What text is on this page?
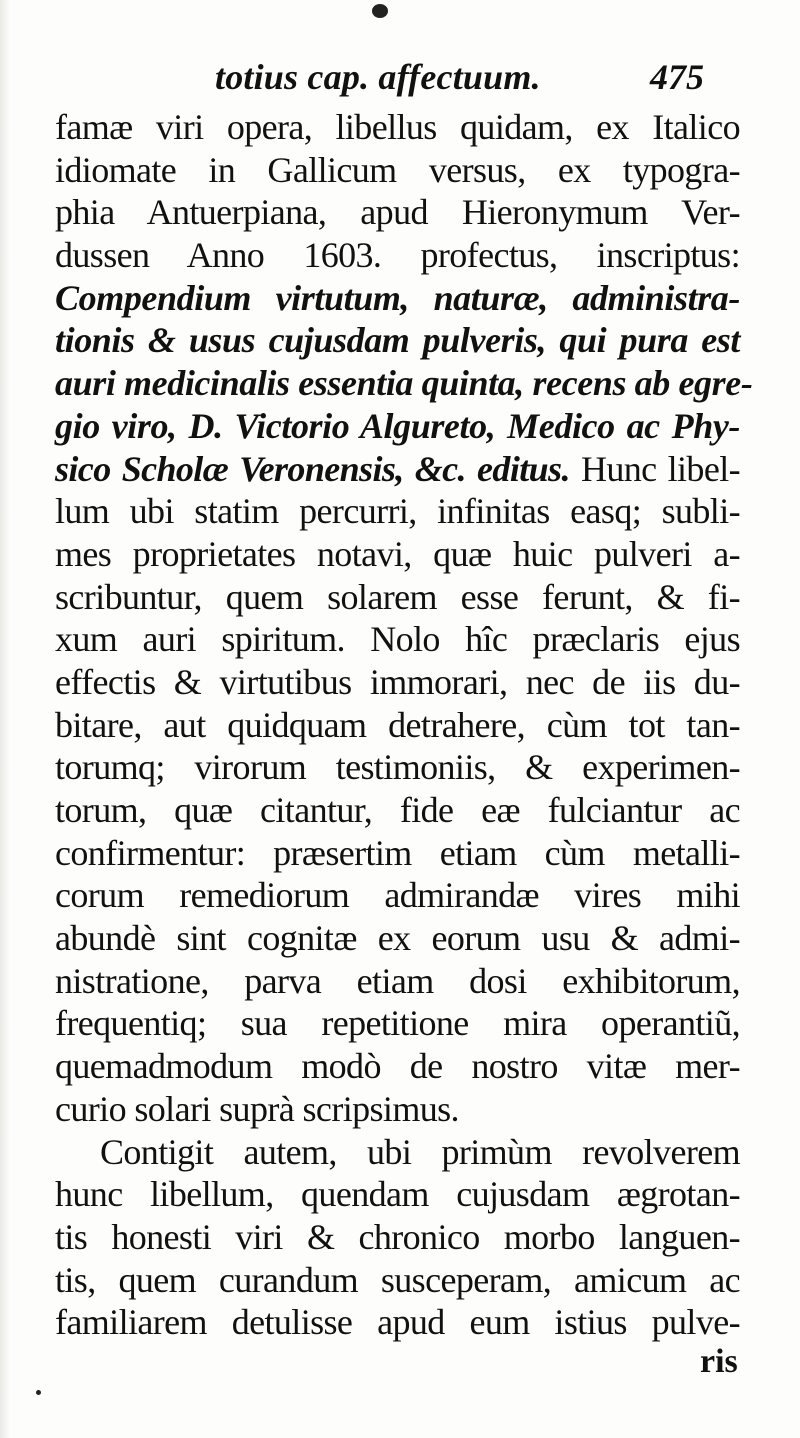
totius cap. affectuum.	475
famæ viri opera, libellus quidam, ex Italico
idiomate in Gallicum versus, ex typogra-
phia Antuerpiana, apud Hieronymum Ver-
dussen Anno 1603. profectus, inscriptus:
Compendium virtutum, naturæ, administra-
tionis & usus cujusdam pulveris, qui pura est
auri medicinalis essentia quinta, recens ab egre-
gio viro, D. Victorio Algureto, Medico ac Phy-
sico Scholæ Veronensis, &c. editus. Hunc libel-
lum ubi statim percurri, infinitas easq; subli-
mes proprietates notavi, quæ huic pulveri a-
scribuntur, quem solarem esse ferunt, & fi-
xum auri spiritum. Nolo hîc præclaris ejus
effectis & virtutibus immorari, nec de iis du-
bitare, aut quidquam detrahere, cùm tot tan-
torumq; virorum testimoniis, & experimen-
torum, quæ citantur, fide eæ fulciantur ac
confirmentur: præsertim etiam cùm metalli-
corum remediorum admirandæ vires mihi
abundè sint cognitæ ex eorum usu & admi-
nistratione, parva etiam dosi exhibitorum,
frequentiq; sua repetitione mira operantiũ,
quemadmodum modò de nostro vitæ mer-
curio solari suprà scripsimus.
Contigit autem, ubi primùm revolverem
hunc libellum, quendam cujusdam ægrotan-
tis honesti viri & chronico morbo languen-
tis, quem curandum susceperam, amicum ac
familiarem detulisse apud eum istius pulve-
ris
